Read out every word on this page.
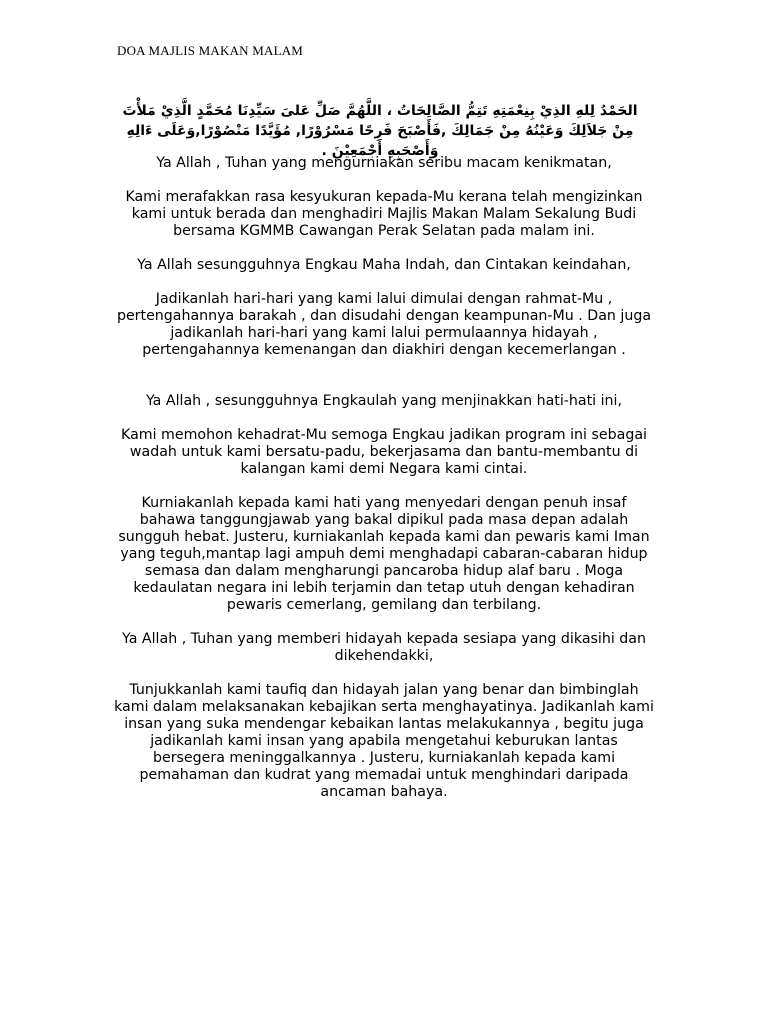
DOA MAJLIS MAKAN MALAM
الحَمْدُ لِلهِ الذِيْ بِنِعْمَتِهِ تَتِمُّ الصَّالِحَاتُ ، اللَّهُمَّ صَلِّ عَلىَ سَيِّدِنَا مُحَمَّدٍ الَّذِيْ مَلأْتَ مِنْ جَلاَلِكَ وَعَيْنُهُ مِنْ جَمَالِكَ ,فَأَصْبَحَ فَرِحًا مَسْرُوْرًا, مُؤَيَّدًا مَنْصُوْرًا,وَعَلَى ءَالِهِ وَأَصْحَبِهِ أَجْمَعِيْنَ .

Ya Allah , Tuhan yang mengurniakan seribu macam kenikmatan,

Kami merafakkan rasa kesyukuran kepada-Mu kerana telah mengizinkan kami untuk berada dan menghadiri Majlis Makan Malam Sekalung Budi bersama KGMMB Cawangan Perak Selatan pada malam ini.

Ya Allah sesungguhnya Engkau Maha Indah, dan Cintakan keindahan,

Jadikanlah hari-hari yang kami lalui dimulai dengan rahmat-Mu , pertengahannya barakah , dan disudahi dengan keampunan-Mu . Dan juga jadikanlah hari-hari yang kami lalui permulaannya hidayah , pertengahannya kemenangan dan diakhiri dengan kecemerlangan .

Ya Allah , sesungguhnya Engkaulah yang menjinakkan hati-hati ini,

Kami memohon kehadrat-Mu semoga Engkau jadikan program ini sebagai wadah untuk kami bersatu-padu, bekerjasama dan bantu-membantu di kalangan kami demi Negara kami cintai.

Kurniakanlah kepada kami hati yang menyedari dengan penuh insaf bahawa tanggungjawab yang bakal dipikul pada masa depan adalah sungguh hebat. Justeru, kurniakanlah kepada kami dan pewaris kami Iman yang teguh,mantap lagi ampuh demi menghadapi cabaran-cabaran hidup semasa dan dalam mengharungi pancaroba hidup alaf baru . Moga kedaulatan negara ini lebih terjamin dan tetap utuh dengan kehadiran pewaris cemerlang, gemilang dan terbilang.

Ya Allah , Tuhan yang memberi hidayah kepada sesiapa yang dikasihi dan dikehendakki,

Tunjukkanlah kami taufiq dan hidayah jalan yang benar dan bimbinglah kami dalam melaksanakan kebajikan serta menghayatinya. Jadikanlah kami insan yang suka mendengar kebaikan lantas melakukannya , begitu juga jadikanlah kami insan yang apabila mengetahui keburukan lantas bersegera meninggalkannya . Justeru, kurniakanlah kepada kami pemahaman dan kudrat yang memadai untuk menghindari daripada ancaman bahaya.
